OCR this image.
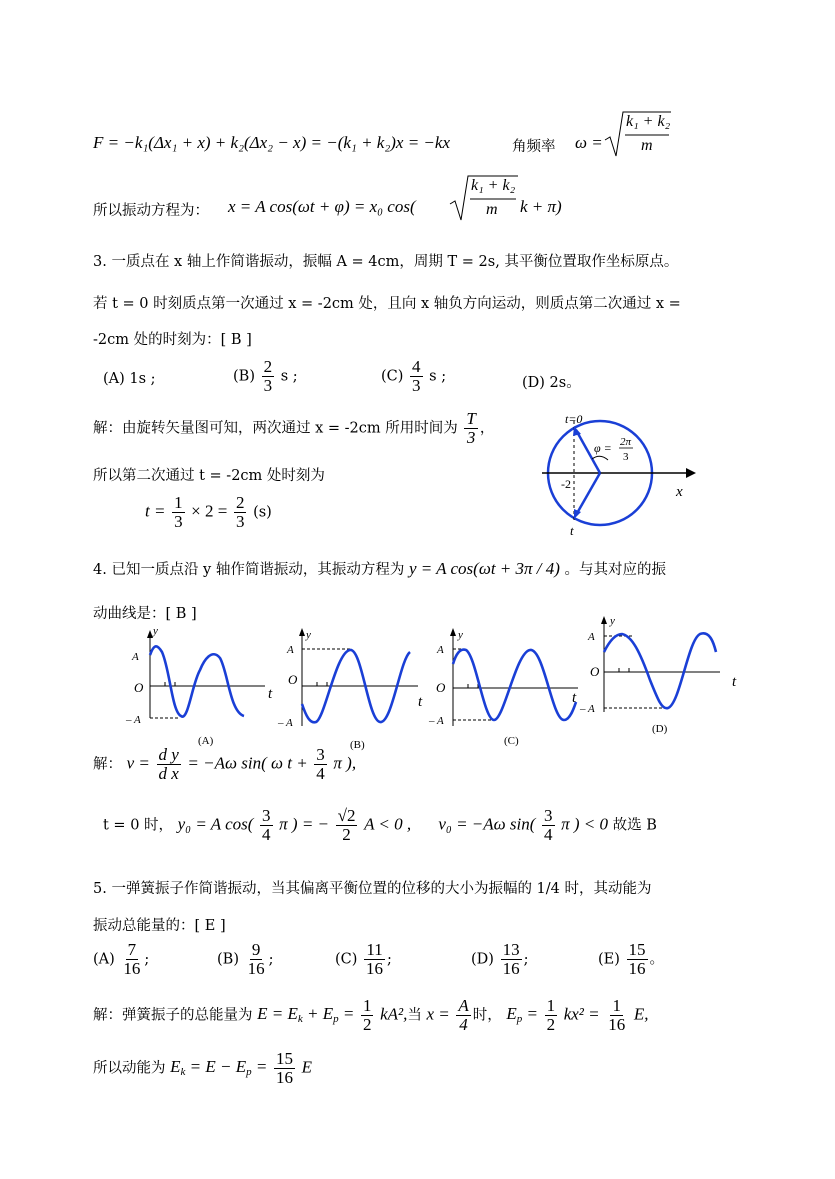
F = −k₁(Δx₁ + x) + k₂(Δx₂ − x) = −(k₁ + k₂)x = −kx	角频率 ω =
k₁ + k₂
m
所以振动方程为： x = A cos(ωt + φ) = x₀ cos(
k₁ + k₂
m k + π)
3. 一质点在 x 轴上作简谐振动，振幅 A = 4cm，周期 T = 2s, 其平衡位置取作坐标原点。
若 t = 0 时刻质点第一次通过 x = -2cm 处，且向 x 轴负方向运动，则质点第二次通过 x =
-2cm 处的时刻为：[ B ]
(A) 1s ;	$(B) \frac{2}{3}$ s ;	$(C) \frac{4}{3}$ s ;	(D) 2s。
解：由旋转矢量图可知，两次通过 x = -2cm 所用时间为 $\frac{T}{3}$ ，
所以第二次通过 t = -2cm 处时刻为
$t = \frac{1}{3} \times 2 = \frac{2}{3} (s)$
t=0
φ = 2π
3
-2	x
t
4. 已知一质点沿 y 轴作简谐振动，其振动方程为 y = A cos(ωt + 3π / 4) 。与其对应的振
动曲线是：[ B ]
y
A
O
– A
t
(A)
y
A
O
– A
t
(B)
y
A
O
– A
t
(C)
y
A
O
– A
t
(D)
解： $v = \frac{\text{d y}}{\text{d x}} = -A\omega$ sin( ω $t + \frac{3}{4}$ π ),
t = 0 时， y₀ = A $\cos( \frac{3}{4}$ π ) = − $\frac{√2}{2}$ A < 0 , v₀ = −Aω $\sin( \frac{3}{4}$ π ) < 0 故选 B
5. 一弹簧振子作简谐振动，当其偏离平衡位置的位移的大小为振幅的 1/4 时，其动能为
振动总能量的：[ E ]
$(A) \frac{7}{16}$ ;	$(B) \frac{9}{16}$ ;	$(C) \frac{11}{16}$ ;	$(D) \frac{13}{16}$ ;	$(E) \frac{15}{16}$ 。
解：弹簧振子的总能量为 $E = E_k + E_p = \frac{1}{2} kA^2$,当 $x = \frac{A}{4}$ 时， $E_p = \frac{1}{2} kx^2 = \frac{1}{16} E$,
所以动能为 $E_k = E - E_p = \frac{15}{16}$ E
